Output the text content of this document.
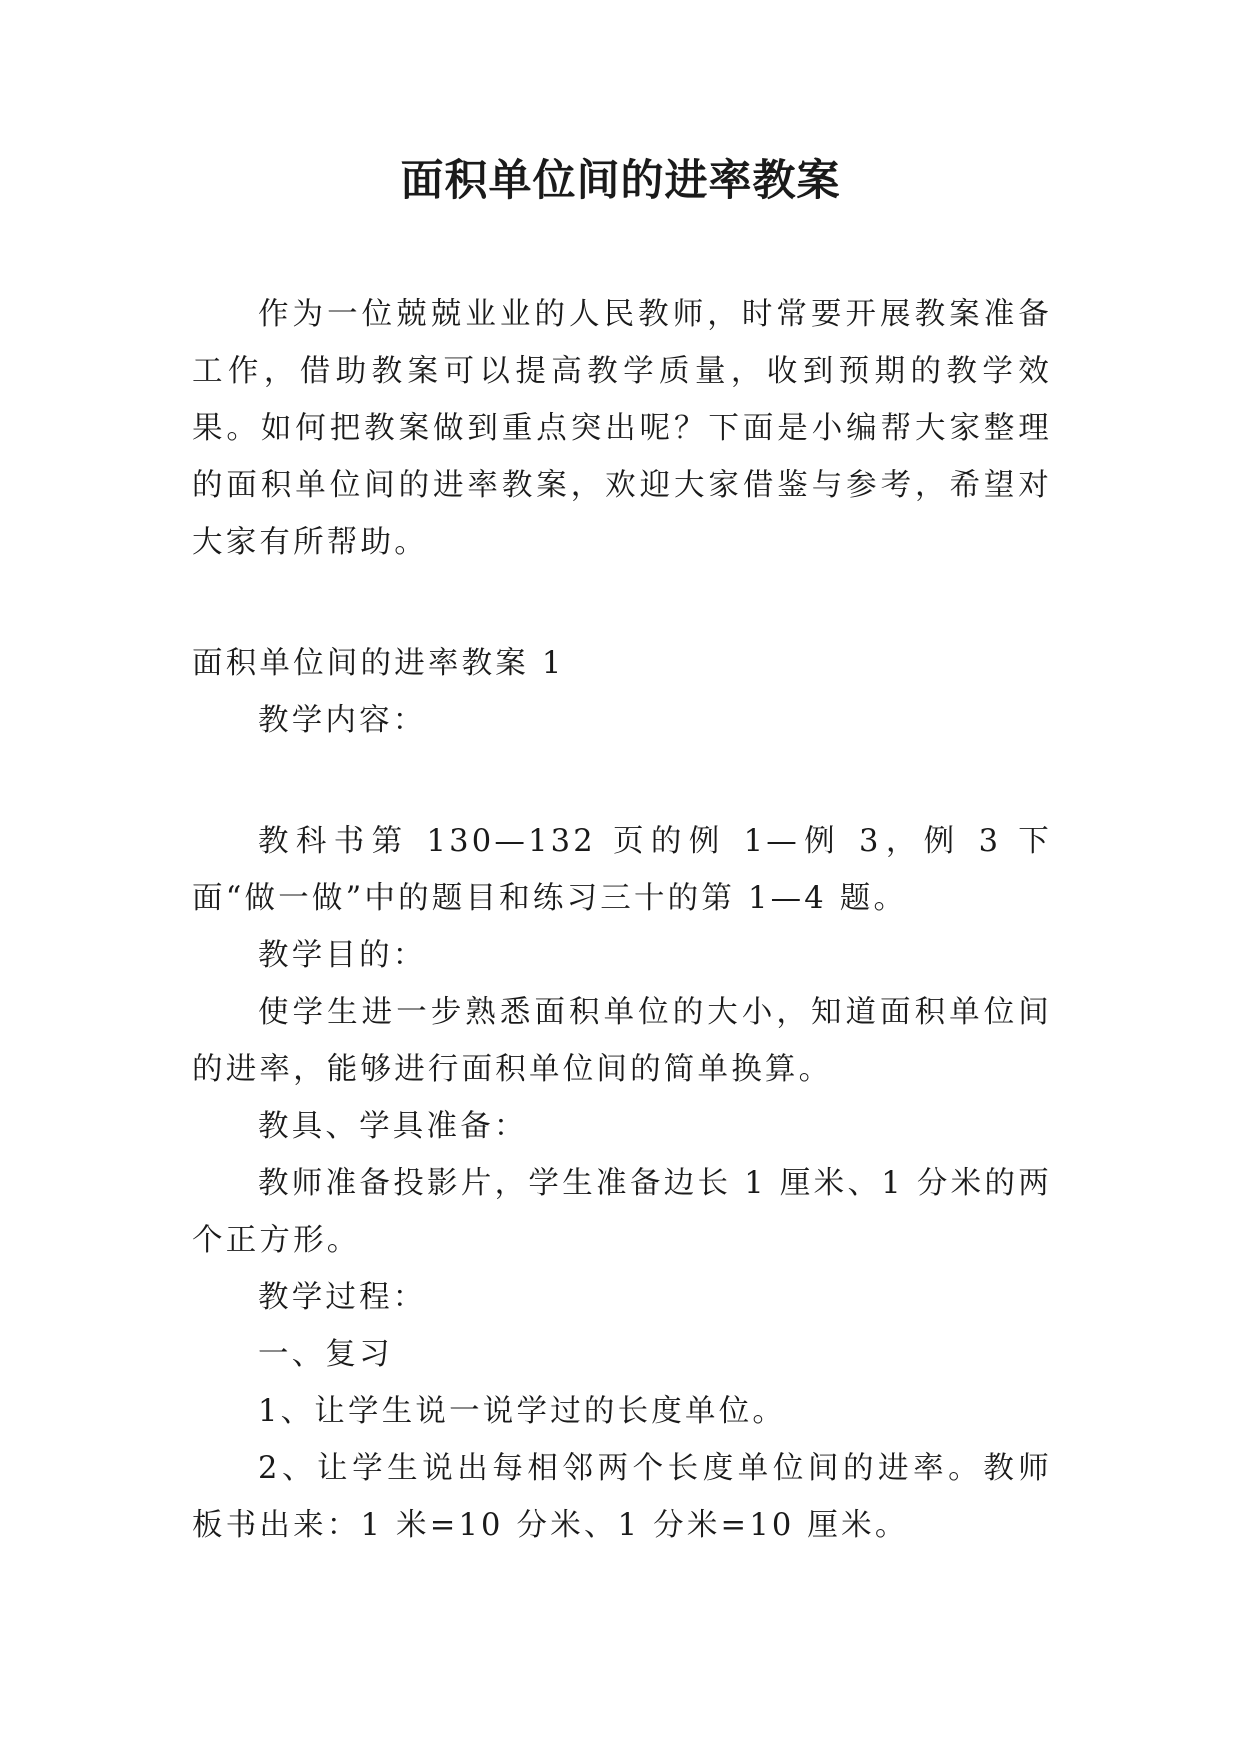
面积单位间的进率教案

作为一位兢兢业业的人民教师，时常要开展教案准备工作，借助教案可以提高教学质量，收到预期的教学效果。如何把教案做到重点突出呢？下面是小编帮大家整理的面积单位间的进率教案，欢迎大家借鉴与参考，希望对大家有所帮助。

面积单位间的进率教案 1

教学内容：

教科书第 130—132 页的例 1—例 3，例 3 下面“做一做”中的题目和练习三十的第 1—4 题。

教学目的：

使学生进一步熟悉面积单位的大小，知道面积单位间的进率，能够进行面积单位间的简单换算。

教具、学具准备：

教师准备投影片，学生准备边长 1 厘米、1 分米的两个正方形。

教学过程：

一、复习

1、让学生说一说学过的长度单位。

2、让学生说出每相邻两个长度单位间的进率。教师板书出来：1 米=10 分米、1 分米=10 厘米。
